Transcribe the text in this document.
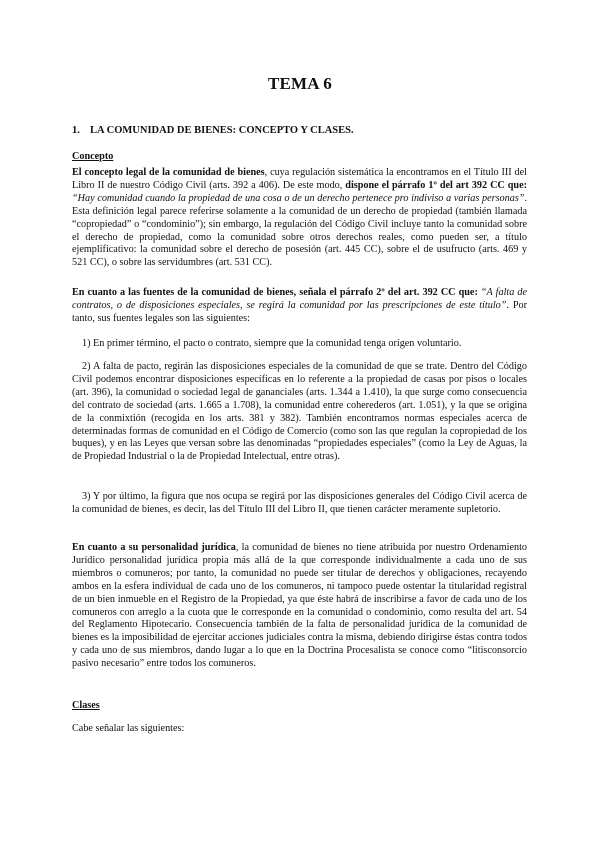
TEMA 6
1. LA COMUNIDAD DE BIENES: CONCEPTO Y CLASES.
Concepto
El concepto legal de la comunidad de bienes, cuya regulación sistemática la encontramos en el Título III del Libro II de nuestro Código Civil (arts. 392 a 406). De este modo, dispone el párrafo 1º del art 392 CC que: “Hay comunidad cuando la propiedad de una cosa o de un derecho pertenece pro indiviso a varias personas”. Esta definición legal parece referirse solamente a la comunidad de un derecho de propiedad (también llamada “copropiedad” o “condominio”); sin embargo, la regulación del Código Civil incluye tanto la comunidad sobre el derecho de propiedad, como la comunidad sobre otros derechos reales, como pueden ser, a título ejemplificativo: la comunidad sobre el derecho de posesión (art. 445 CC), sobre el de usufructo (arts. 469 y 521 CC), o sobre las servidumbres (art. 531 CC).
En cuanto a las fuentes de la comunidad de bienes, señala el párrafo 2º del art. 392 CC que: “A falta de contratos, o de disposiciones especiales, se regirá la comunidad por las prescripciones de este título”. Por tanto, sus fuentes legales son las siguientes:
1) En primer término, el pacto o contrato, siempre que la comunidad tenga origen voluntario.
2) A falta de pacto, regirán las disposiciones especiales de la comunidad de que se trate. Dentro del Código Civil podemos encontrar disposiciones específicas en lo referente a la propiedad de casas por pisos o locales (art. 396), la comunidad o sociedad legal de gananciales (arts. 1.344 a 1.410), la que surge como consecuencia del contrato de sociedad (arts. 1.665 a 1.708), la comunidad entre coherederos (art. 1.051), y la que se origina de la conmixtión (recogida en los arts. 381 y 382). También encontramos normas especiales acerca de determinadas formas de comunidad en el Código de Comercio (como son las que regulan la copropiedad de los buques), y en las Leyes que versan sobre las denominadas “propiedades especiales” (como la Ley de Aguas, la de Propiedad Industrial o la de Propiedad Intelectual, entre otras).
3) Y por último, la figura que nos ocupa se regirá por las disposiciones generales del Código Civil acerca de la comunidad de bienes, es decir, las del Título III del Libro II, que tienen carácter meramente supletorio.
En cuanto a su personalidad jurídica, la comunidad de bienes no tiene atribuida por nuestro Ordenamiento Jurídico personalidad jurídica propia más allá de la que corresponde individualmente a cada uno de sus miembros o comuneros; por tanto, la comunidad no puede ser titular de derechos y obligaciones, recayendo ambos en la esfera individual de cada uno de los comuneros, ni tampoco puede ostentar la titularidad registral de un bien inmueble en el Registro de la Propiedad, ya que éste habrá de inscribirse a favor de cada uno de los comuneros con arreglo a la cuota que le corresponde en la comunidad o condominio, como resulta del art. 54 del Reglamento Hipotecario. Consecuencia también de la falta de personalidad jurídica de la comunidad de bienes es la imposibilidad de ejercitar acciones judiciales contra la misma, debiendo dirigirse éstas contra todos y cada uno de sus miembros, dando lugar a lo que en la Doctrina Procesalista se conoce como “litisconsorcio pasivo necesario” entre todos los comuneros.
Clases
Cabe señalar las siguientes:
